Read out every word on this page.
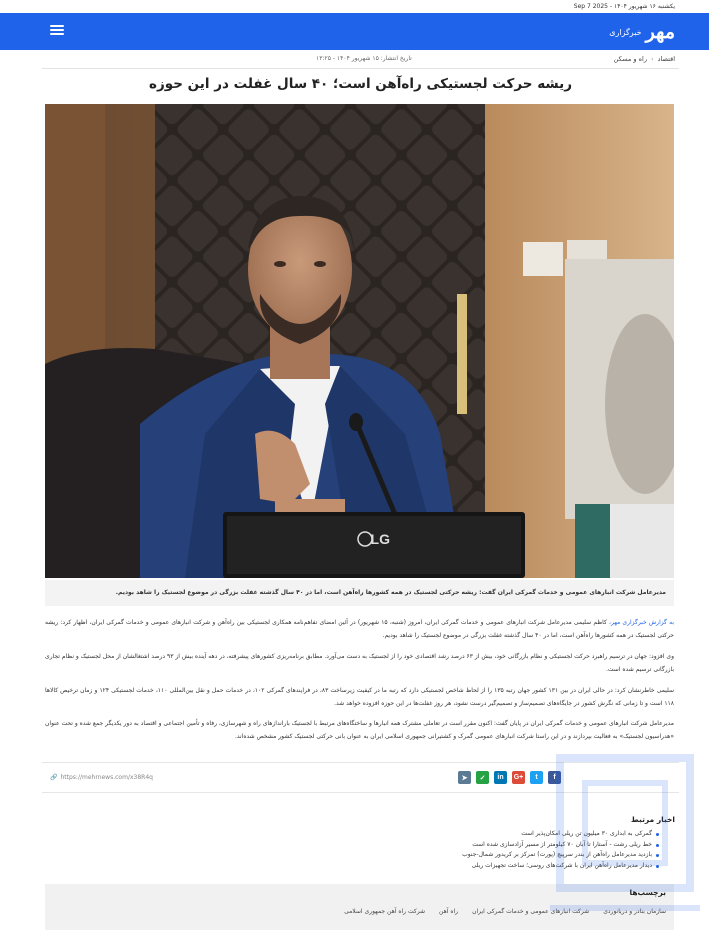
یکشنبه ۱۶ شهریور ۱۴۰۴ - Sep 7 2025
مهر
خبرگزاری
اقتصاد
›
راه و مسکن
تاریخ انتشار: ۱۵ شهریور ۱۴۰۴ - ۱۳:۲۵
ریشه حرکت لجستیکی راه‌آهن است؛ ۴۰ سال غفلت در این حوزه
LG
مدیرعامل شرکت انبارهای عمومی و خدمات گمرکی ایران گفت: ریشه حرکتی لجستیک در همه کشورها راه‌آهن است، اما در ۴۰ سال گذشته غفلت بزرگی در موضوع لجستیک را شاهد بودیم.

به گزارش خبرگزاری مهر، کاظم سلیمی مدیرعامل شرکت انبارهای عمومی و خدمات گمرکی ایران، امروز (شنبه، ۱۵ شهریور) در آئین امضای تفاهم‌نامه همکاری لجستیکی بین راه‌آهن و شرکت انبارهای عمومی و خدمات گمرکی ایران، اظهار کرد: ریشه حرکتی لجستیک در همه کشورها راه‌آهن است، اما در ۴۰ سال گذشته غفلت بزرگی در موضوع لجستیک را شاهد بودیم.

وی افزود: جهان در ترسیم راهبرد حرکت لجستیکی و نظام بازرگانی خود، بیش از ۶۳ درصد رشد اقتصادی خود را از لجستیک به دست می‌آورد. مطابق برنامه‌ریزی کشورهای پیشرفته، در دهه آینده بیش از ۹۳ درصد اشتغالشان از محل لجستیک و نظام تجاری بازرگانی ترسیم شده است.

سلیمی خاطرنشان کرد: در حالی ایران در بین ۱۳۱ کشور جهان رتبه ۱۳۵ را از لحاظ شاخص لجستیکی دارد که رتبه ما در کیفیت زیرساخت ۸۳، در فرایندهای گمرکی ۱۰۲، در خدمات حمل و نقل بین‌المللی ۱۱۰، خدمات لجستیکی ۱۲۴ و زمان ترخیص کالاها ۱۱۸ است و تا زمانی که نگرش کشور در جایگاه‌های تصمیم‌ساز و تصمیم‌گیر درست نشود، هر روز غفلت‌ها در این حوزه افزوده خواهد شد.

مدیرعامل شرکت انبارهای عمومی و خدمات گمرکی ایران در پایان گفت: اکنون مقرر است در تعاملی مشترک همه انبارها و ساختگاه‌های مرتبط با لجستیک بارانداز‌های راه و شهرسازی، رفاه و تأمین اجتماعی و اقتصاد به دور یکدیگر جمع شده و تحت عنوان «هدراسیون لجستیک» به فعالیت بپردازند و در این راستا شرکت انبارهای عمومی گمرک و کشتیرانی جمهوری اسلامی ایران به عنوان بانی حرکتی لجستیک کشور مشخص شده‌اند.

🔗 https://mehrnews.com/x38R4q	➤	✓	in	G+	t	f
اخبار مرتبط
گمرکی به ابداری ۳۰ میلیون تن ریلی امکان‌پذیر است
خط ریلی رشت - آستارا تا آبان ۷۰ کیلومتر از مسیر آزادسازی شده است
بازدید مدیرعامل راه‌آهن از بندر سرپیچ (پورت) تمرکز بر کریدور شمال-جنوب
دیدار مدیرعامل راه‌آهن ایران با شرکت‌های روسی؛ ساخت تجهیزات ریلی
برچسب‌ها
سازمان بنادر و دریانوردی
شرکت انبارهای عمومی و خدمات گمرکی ایران
راه آهن
شرکت راه آهن جمهوری اسلامی
